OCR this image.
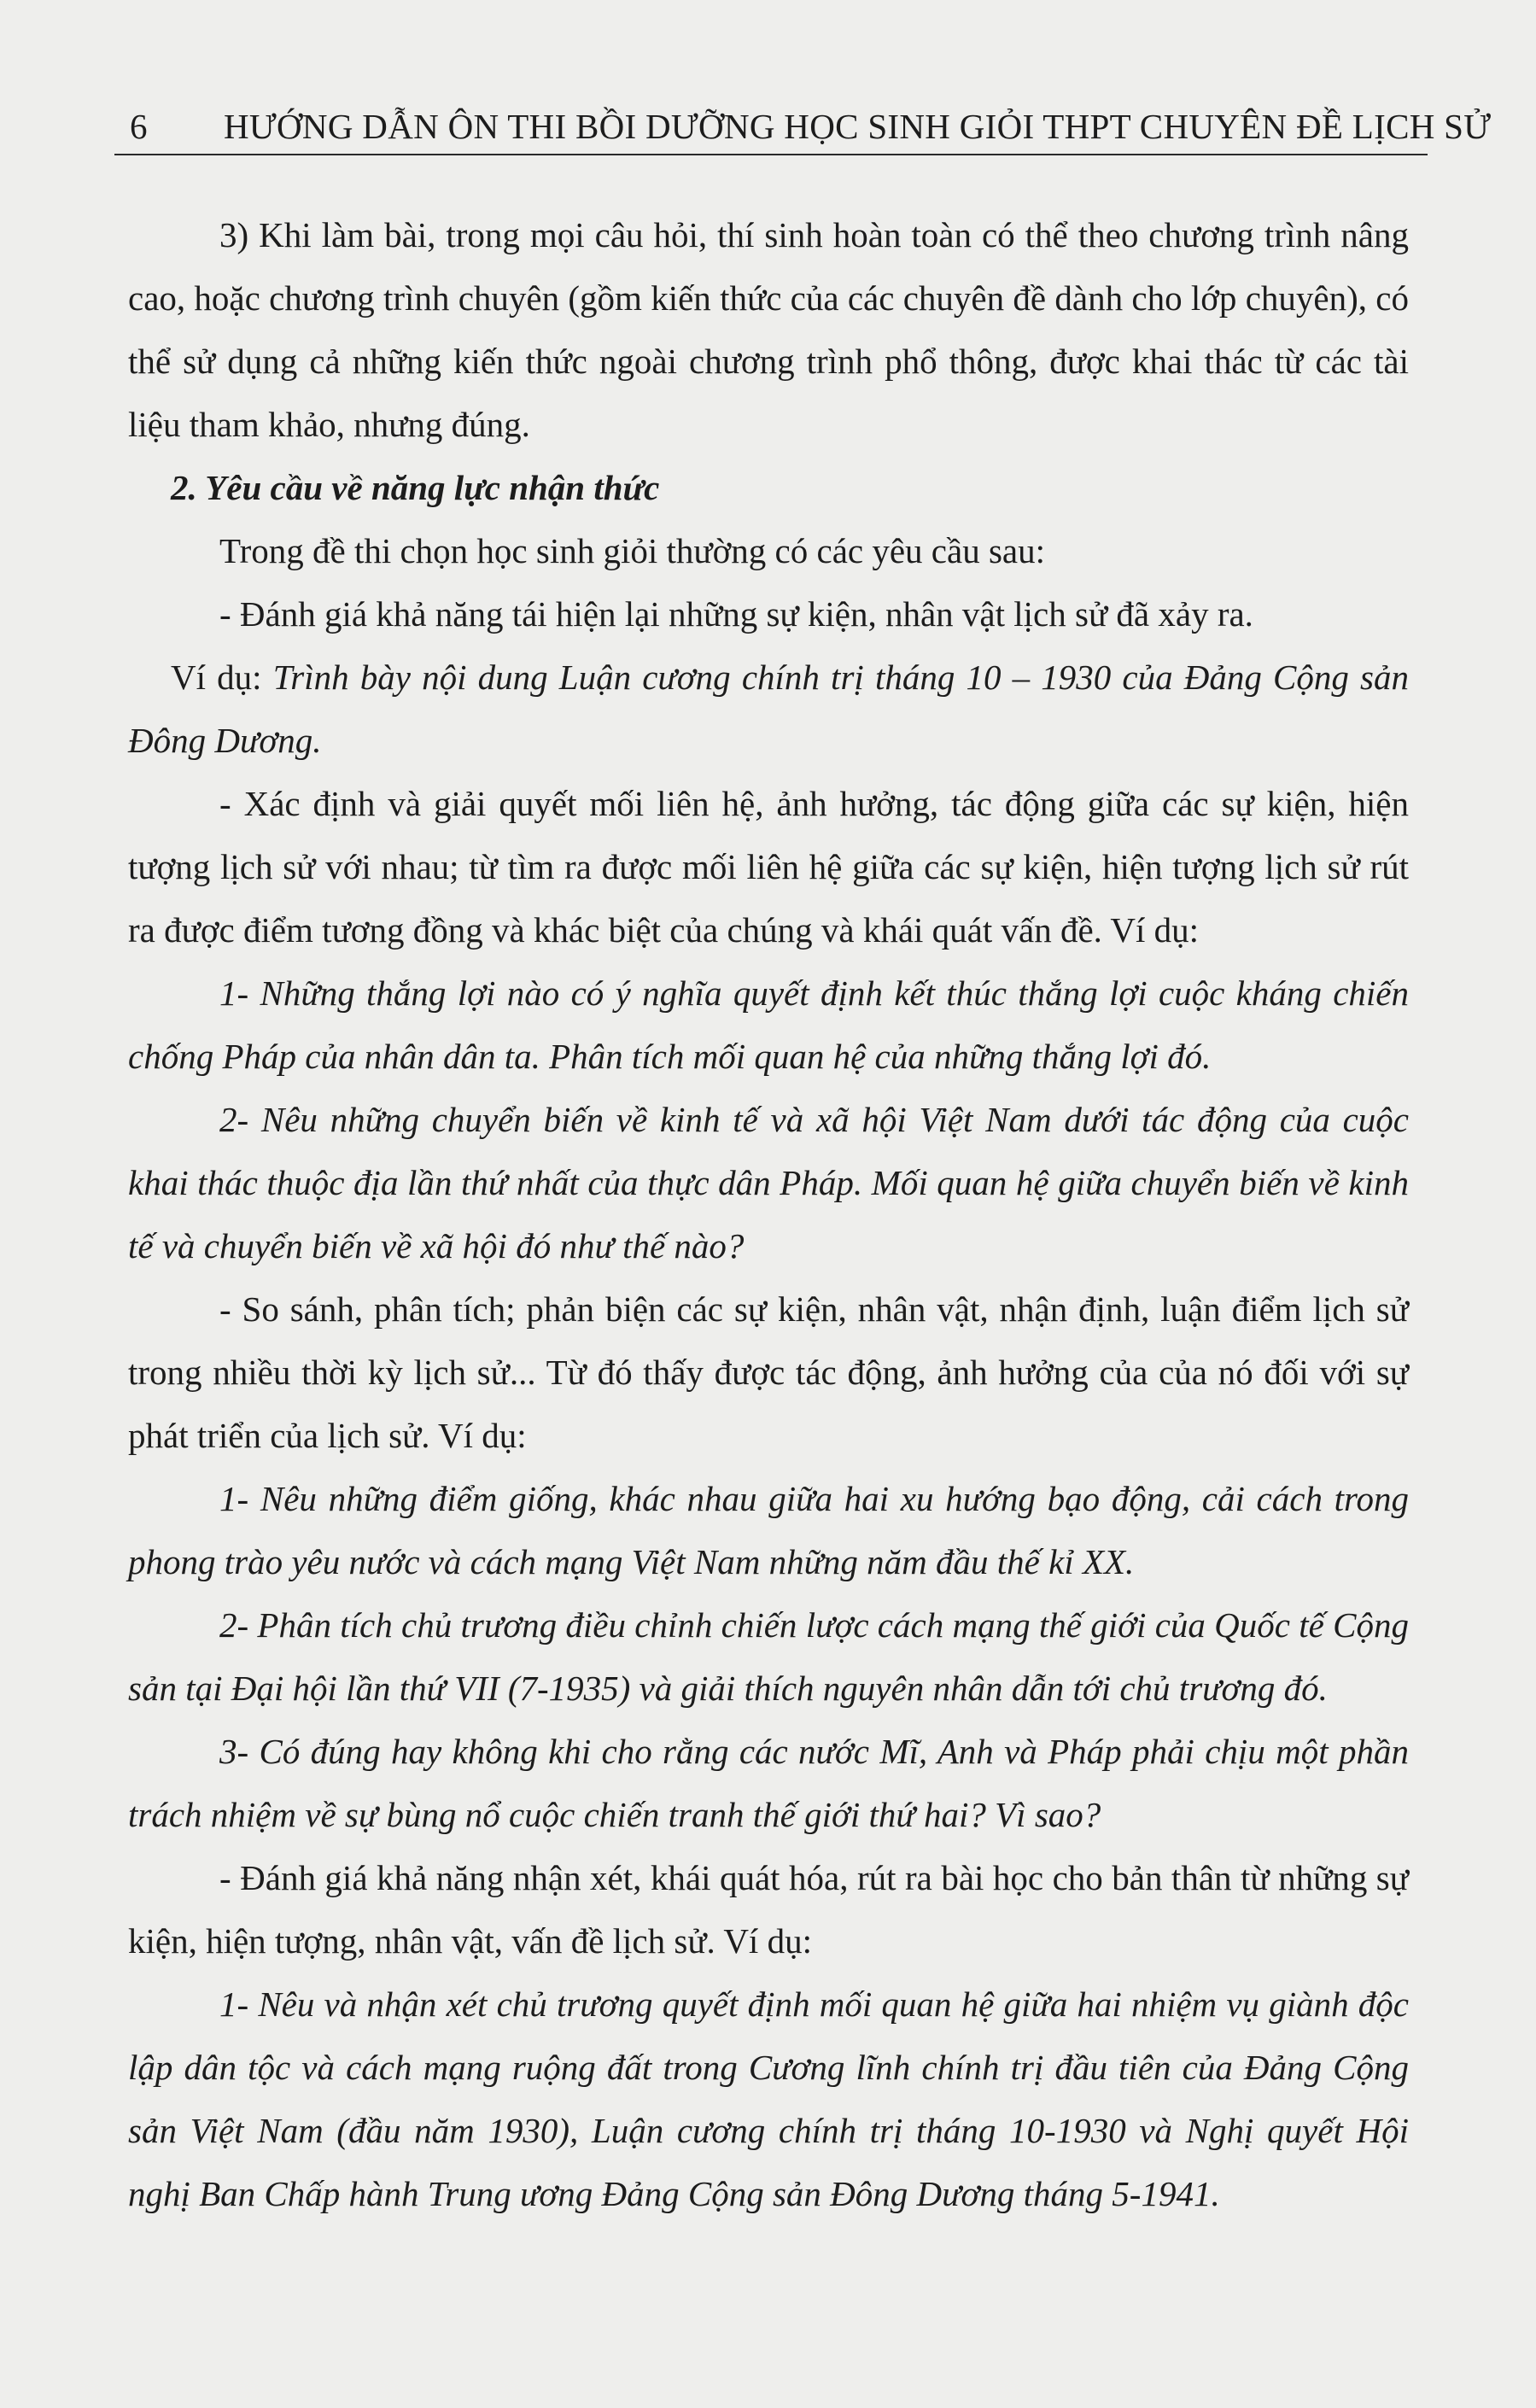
6 HƯỚNG DẪN ÔN THI BỒI DƯỠNG HỌC SINH GIỎI THPT CHUYÊN ĐỀ LỊCH SỬ

3) Khi làm bài, trong mọi câu hỏi, thí sinh hoàn toàn có thể theo chương trình nâng cao, hoặc chương trình chuyên (gồm kiến thức của các chuyên đề dành cho lớp chuyên), có thể sử dụng cả những kiến thức ngoài chương trình phổ thông, được khai thác từ các tài liệu tham khảo, nhưng đúng.

2. Yêu cầu về năng lực nhận thức

Trong đề thi chọn học sinh giỏi thường có các yêu cầu sau:

- Đánh giá khả năng tái hiện lại những sự kiện, nhân vật lịch sử đã xảy ra.

Ví dụ: Trình bày nội dung Luận cương chính trị tháng 10 – 1930 của Đảng Cộng sản Đông Dương.

- Xác định và giải quyết mối liên hệ, ảnh hưởng, tác động giữa các sự kiện, hiện tượng lịch sử với nhau; từ tìm ra được mối liên hệ giữa các sự kiện, hiện tượng lịch sử rút ra được điểm tương đồng và khác biệt của chúng và khái quát vấn đề. Ví dụ:

1- Những thắng lợi nào có ý nghĩa quyết định kết thúc thắng lợi cuộc kháng chiến chống Pháp của nhân dân ta. Phân tích mối quan hệ của những thắng lợi đó.

2- Nêu những chuyển biến về kinh tế và xã hội Việt Nam dưới tác động của cuộc khai thác thuộc địa lần thứ nhất của thực dân Pháp. Mối quan hệ giữa chuyển biến về kinh tế và chuyển biến về xã hội đó như thế nào?

- So sánh, phân tích; phản biện các sự kiện, nhân vật, nhận định, luận điểm lịch sử trong nhiều thời kỳ lịch sử... Từ đó thấy được tác động, ảnh hưởng của của nó đối với sự phát triển của lịch sử. Ví dụ:

1- Nêu những điểm giống, khác nhau giữa hai xu hướng bạo động, cải cách trong phong trào yêu nước và cách mạng Việt Nam những năm đầu thế kỉ XX.

2- Phân tích chủ trương điều chỉnh chiến lược cách mạng thế giới của Quốc tế Cộng sản tại Đại hội lần thứ VII (7-1935) và giải thích nguyên nhân dẫn tới chủ trương đó.

3- Có đúng hay không khi cho rằng các nước Mĩ, Anh và Pháp phải chịu một phần trách nhiệm về sự bùng nổ cuộc chiến tranh thế giới thứ hai? Vì sao?

- Đánh giá khả năng nhận xét, khái quát hóa, rút ra bài học cho bản thân từ những sự kiện, hiện tượng, nhân vật, vấn đề lịch sử. Ví dụ:

1- Nêu và nhận xét chủ trương quyết định mối quan hệ giữa hai nhiệm vụ giành độc lập dân tộc và cách mạng ruộng đất trong Cương lĩnh chính trị đầu tiên của Đảng Cộng sản Việt Nam (đầu năm 1930), Luận cương chính trị tháng 10-1930 và Nghị quyết Hội nghị Ban Chấp hành Trung ương Đảng Cộng sản Đông Dương tháng 5-1941.
